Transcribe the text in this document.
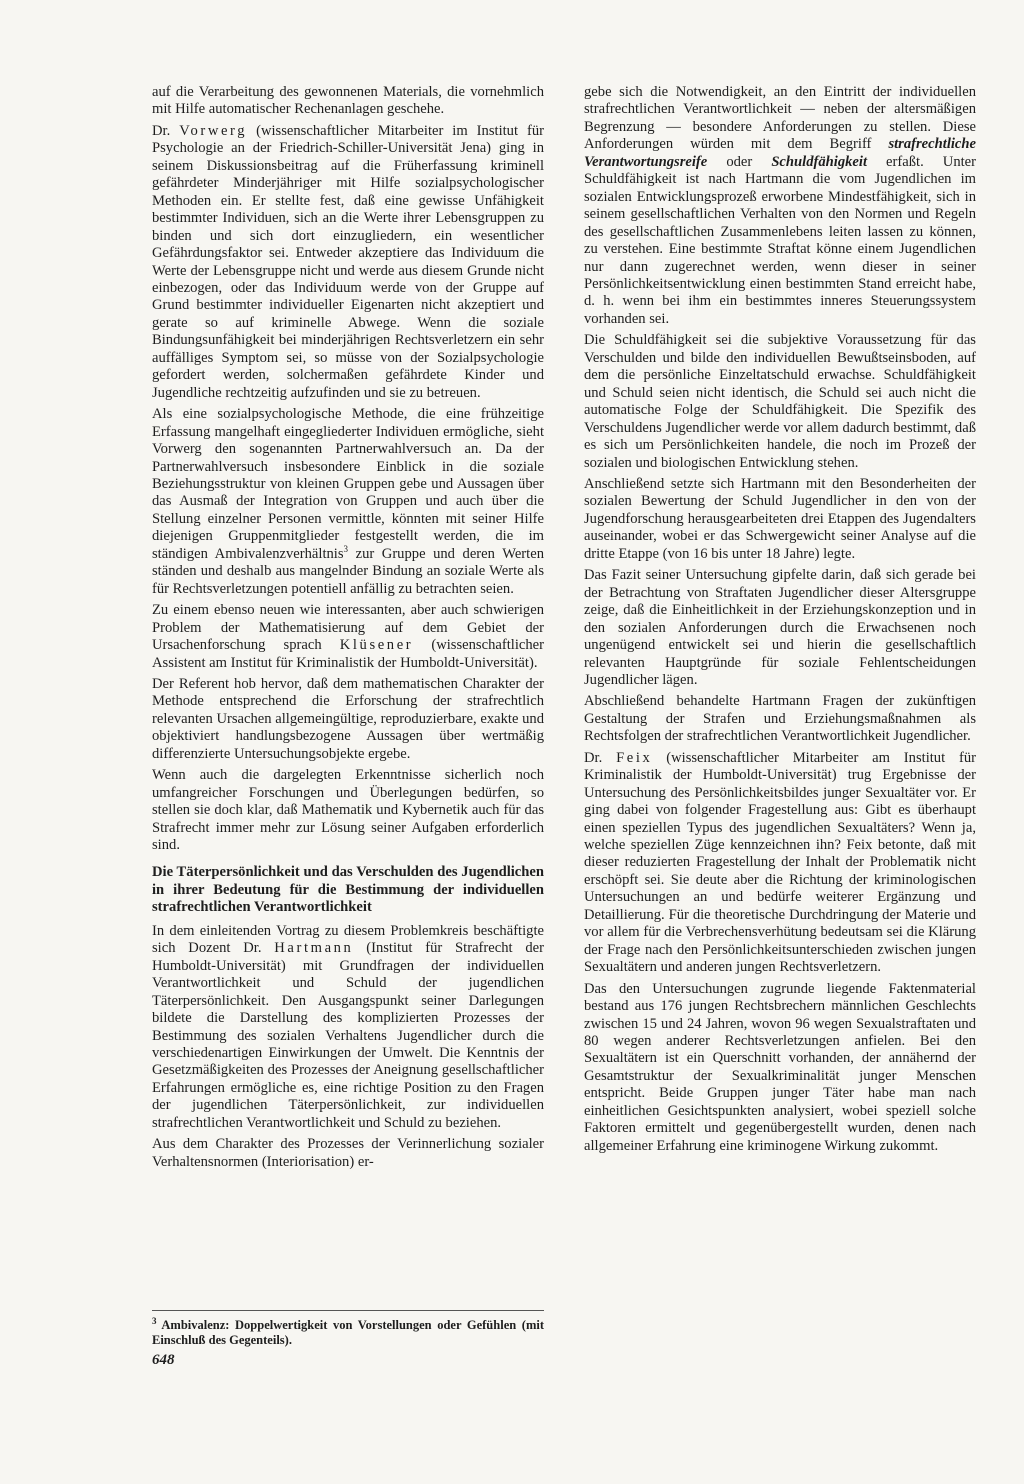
auf die Verarbeitung des gewonnenen Materials, die vornehmlich mit Hilfe automatischer Rechenanlagen geschehe.

Dr. Vorwerg (wissenschaftlicher Mitarbeiter im Institut für Psychologie an der Friedrich-Schiller-Universität Jena) ging in seinem Diskussionsbeitrag auf die Früherfassung kriminell gefährdeter Minderjähriger mit Hilfe sozialpsychologischer Methoden ein. Er stellte fest, daß eine gewisse Unfähigkeit bestimmter Individuen, sich an die Werte ihrer Lebensgruppen zu binden und sich dort einzugliedern, ein wesentlicher Gefährdungsfaktor sei. Entweder akzeptiere das Individuum die Werte der Lebensgruppe nicht und werde aus diesem Grunde nicht einbezogen, oder das Individuum werde von der Gruppe auf Grund bestimmter individueller Eigenarten nicht akzeptiert und gerate so auf kriminelle Abwege. Wenn die soziale Bindungsunfähigkeit bei minderjährigen Rechtsverletzern ein sehr auffälliges Symptom sei, so müsse von der Sozialpsychologie gefordert werden, solchermaßen gefährdete Kinder und Jugendliche rechtzeitig aufzufinden und sie zu betreuen.

Als eine sozialpsychologische Methode, die eine frühzeitige Erfassung mangelhaft eingegliederter Individuen ermögliche, sieht Vorwerg den sogenannten Partnerwahlversuch an. Da der Partnerwahlversuch insbesondere Einblick in die soziale Beziehungsstruktur von kleinen Gruppen gebe und Aussagen über das Ausmaß der Integration von Gruppen und auch über die Stellung einzelner Personen vermittle, könnten mit seiner Hilfe diejenigen Gruppenmitglieder festgestellt werden, die im ständigen Ambivalenzverhältnis$^3$ zur Gruppe und deren Werten ständen und deshalb aus mangelnder Bindung an soziale Werte als für Rechtsverletzungen potentiell anfällig zu betrachten seien.

Zu einem ebenso neuen wie interessanten, aber auch schwierigen Problem der Mathematisierung auf dem Gebiet der Ursachenforschung sprach Klüsener (wissenschaftlicher Assistent am Institut für Kriminalistik der Humboldt-Universität).

Der Referent hob hervor, daß dem mathematischen Charakter der Methode entsprechend die Erforschung der strafrechtlich relevanten Ursachen allgemeingültige, reproduzierbare, exakte und objektiviert handlungsbezogene Aussagen über wertmäßig differenzierte Untersuchungsobjekte ergebe.

Wenn auch die dargelegten Erkenntnisse sicherlich noch umfangreicher Forschungen und Überlegungen bedürfen, so stellen sie doch klar, daß Mathematik und Kybernetik auch für das Strafrecht immer mehr zur Lösung seiner Aufgaben erforderlich sind.

Die Täterpersönlichkeit und das Verschulden des Jugendlichen in ihrer Bedeutung für die Bestimmung der individuellen strafrechtlichen Verantwortlichkeit

In dem einleitenden Vortrag zu diesem Problemkreis beschäftigte sich Dozent Dr. Hartmann (Institut für Strafrecht der Humboldt-Universität) mit Grundfragen der individuellen Verantwortlichkeit und Schuld der jugendlichen Täterpersönlichkeit. Den Ausgangspunkt seiner Darlegungen bildete die Darstellung des komplizierten Prozesses der Bestimmung des sozialen Verhaltens Jugendlicher durch die verschiedenartigen Einwirkungen der Umwelt. Die Kenntnis der Gesetzmäßigkeiten des Prozesses der Aneignung gesellschaftlicher Erfahrungen ermögliche es, eine richtige Position zu den Fragen der jugendlichen Täterpersönlichkeit, zur individuellen strafrechtlichen Verantwortlichkeit und Schuld zu beziehen.

Aus dem Charakter des Prozesses der Verinnerlichung sozialer Verhaltensnormen (Interiorisation) er-

$^3$ Ambivalenz: Doppelwertigkeit von Vorstellungen oder Gefühlen (mit Einschluß des Gegenteils).
648

gebe sich die Notwendigkeit, an den Eintritt der individuellen strafrechtlichen Verantwortlichkeit — neben der altersmäßigen Begrenzung — besondere Anforderungen zu stellen. Diese Anforderungen würden mit dem Begriff strafrechtliche Verantwortungsreife oder Schuldfähigkeit erfaßt. Unter Schuldfähigkeit ist nach Hartmann die vom Jugendlichen im sozialen Entwicklungsprozeß erworbene Mindestfähigkeit, sich in seinem gesellschaftlichen Verhalten von den Normen und Regeln des gesellschaftlichen Zusammenlebens leiten lassen zu können, zu verstehen. Eine bestimmte Straftat könne einem Jugendlichen nur dann zugerechnet werden, wenn dieser in seiner Persönlichkeitsentwicklung einen bestimmten Stand erreicht habe, d. h. wenn bei ihm ein bestimmtes inneres Steuerungssystem vorhanden sei.

Die Schuldfähigkeit sei die subjektive Voraussetzung für das Verschulden und bilde den individuellen Bewußtseinsboden, auf dem die persönliche Einzeltatschuld erwachse. Schuldfähigkeit und Schuld seien nicht identisch, die Schuld sei auch nicht die automatische Folge der Schuldfähigkeit. Die Spezifik des Verschuldens Jugendlicher werde vor allem dadurch bestimmt, daß es sich um Persönlichkeiten handele, die noch im Prozeß der sozialen und biologischen Entwicklung stehen.

Anschließend setzte sich Hartmann mit den Besonderheiten der sozialen Bewertung der Schuld Jugendlicher in den von der Jugendforschung herausgearbeiteten drei Etappen des Jugendalters auseinander, wobei er das Schwergewicht seiner Analyse auf die dritte Etappe (von 16 bis unter 18 Jahre) legte.

Das Fazit seiner Untersuchung gipfelte darin, daß sich gerade bei der Betrachtung von Straftaten Jugendlicher dieser Altersgruppe zeige, daß die Einheitlichkeit in der Erziehungskonzeption und in den sozialen Anforderungen durch die Erwachsenen noch ungenügend entwickelt sei und hierin die gesellschaftlich relevanten Hauptgründe für soziale Fehlentscheidungen Jugendlicher lägen.

Abschließend behandelte Hartmann Fragen der zukünftigen Gestaltung der Strafen und Erziehungsmaßnahmen als Rechtsfolgen der strafrechtlichen Verantwortlichkeit Jugendlicher.

Dr. Feix (wissenschaftlicher Mitarbeiter am Institut für Kriminalistik der Humboldt-Universität) trug Ergebnisse der Untersuchung des Persönlichkeitsbildes junger Sexualtäter vor. Er ging dabei von folgender Fragestellung aus: Gibt es überhaupt einen speziellen Typus des jugendlichen Sexualtäters? Wenn ja, welche speziellen Züge kennzeichnen ihn? Feix betonte, daß mit dieser reduzierten Fragestellung der Inhalt der Problematik nicht erschöpft sei. Sie deute aber die Richtung der kriminologischen Untersuchungen an und bedürfe weiterer Ergänzung und Detaillierung. Für die theoretische Durchdringung der Materie und vor allem für die Verbrechensverhütung bedeutsam sei die Klärung der Frage nach den Persönlichkeitsunterschieden zwischen jungen Sexualtätern und anderen jungen Rechtsverletzern.

Das den Untersuchungen zugrunde liegende Faktenmaterial bestand aus 176 jungen Rechtsbrechern männlichen Geschlechts zwischen 15 und 24 Jahren, wovon 96 wegen Sexualstraftaten und 80 wegen anderer Rechtsverletzungen anfielen. Bei den Sexualtätern ist ein Querschnitt vorhanden, der annähernd der Gesamtstruktur der Sexualkriminalität junger Menschen entspricht. Beide Gruppen junger Täter habe man nach einheitlichen Gesichtspunkten analysiert, wobei speziell solche Faktoren ermittelt und gegenübergestellt wurden, denen nach allgemeiner Erfahrung eine kriminogene Wirkung zukommt.
